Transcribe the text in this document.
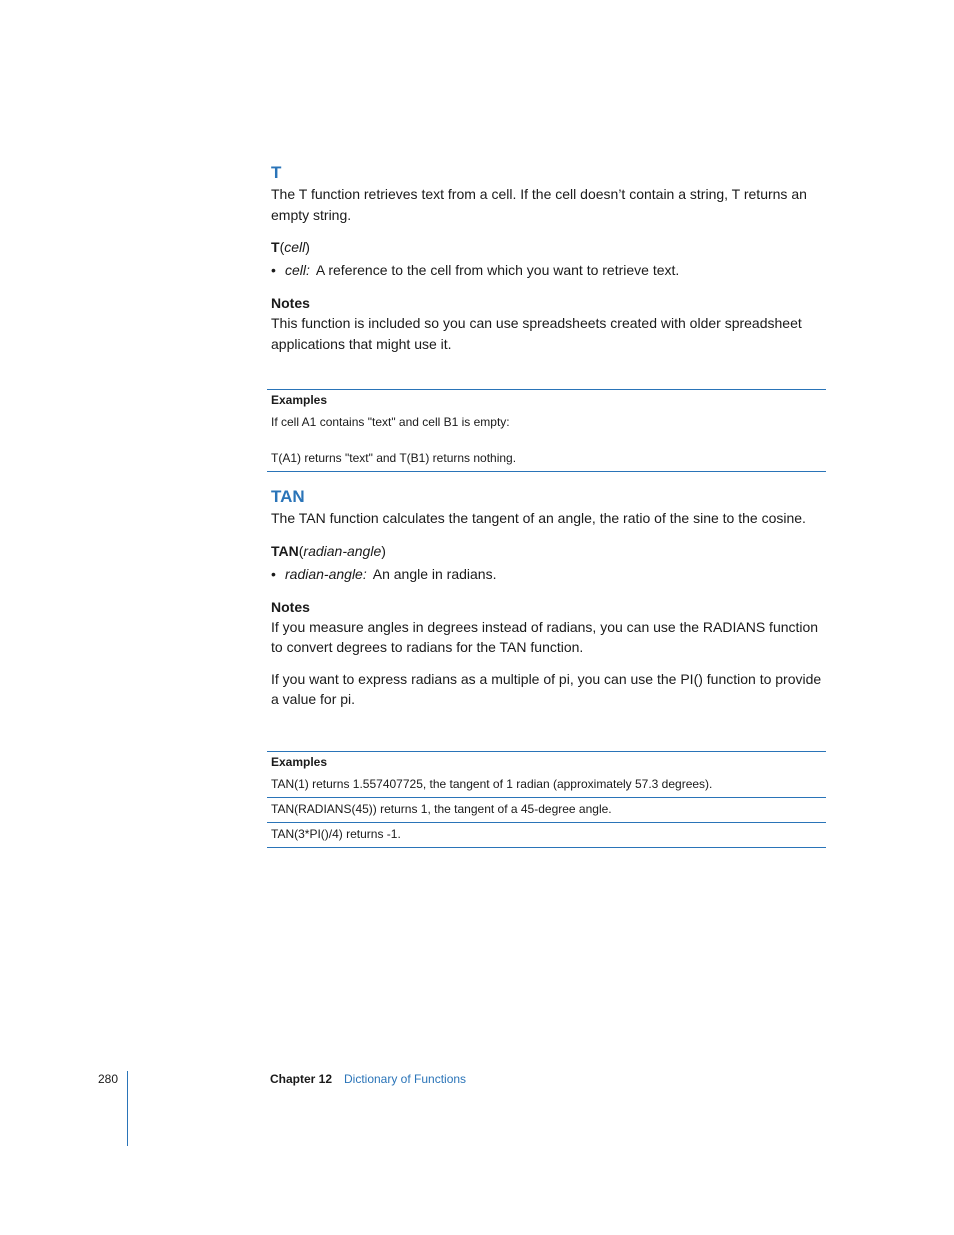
T

The T function retrieves text from a cell. If the cell doesn’t contain a string, T returns an empty string.

T(cell)

• cell: A reference to the cell from which you want to retrieve text.

Notes

This function is included so you can use spreadsheets created with older spreadsheet applications that might use it.

Examples
If cell A1 contains "text" and cell B1 is empty:
T(A1) returns "text" and T(B1) returns nothing.
TAN

The TAN function calculates the tangent of an angle, the ratio of the sine to the cosine.

TAN(radian-angle)

• radian-angle: An angle in radians.

Notes

If you measure angles in degrees instead of radians, you can use the RADIANS function to convert degrees to radians for the TAN function.

If you want to express radians as a multiple of pi, you can use the PI() function to provide a value for pi.

Examples
TAN(1) returns 1.557407725, the tangent of 1 radian (approximately 57.3 degrees).
TAN(RADIANS(45)) returns 1, the tangent of a 45-degree angle.
TAN(3*PI()/4) returns -1.
280	Chapter 12 Dictionary of Functions
